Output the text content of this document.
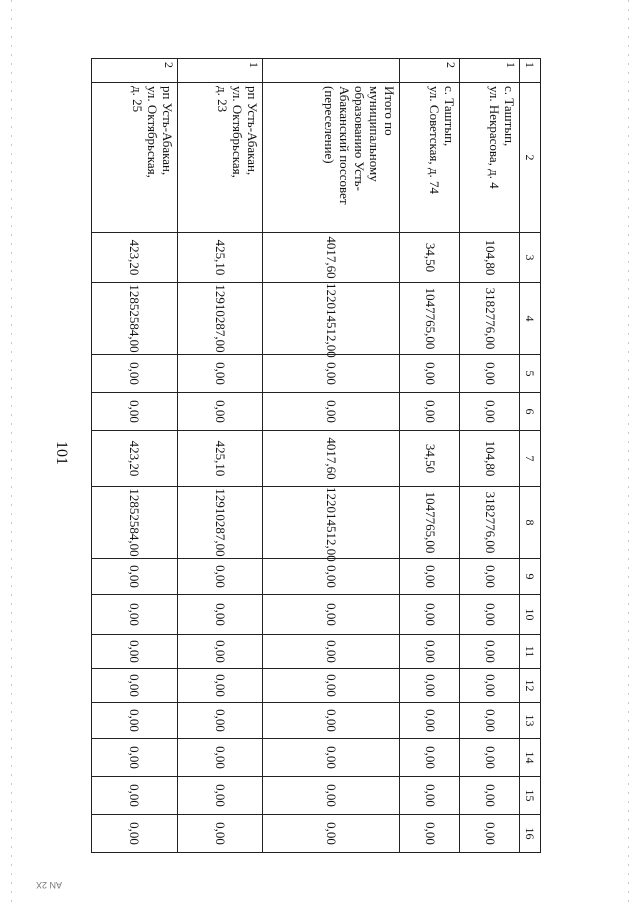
101
1	2	3	4	5	6	7	8	9	10	11	12	13	14	15	16
1	с. Таштып,
ул. Некрасова, д. 4	104,80	3182776,00	0,00	0,00	104,80	3182776,00	0,00	0,00	0,00	0,00	0,00	0,00	0,00	0,00
2	с. Таштып,
ул. Советская, д. 74	34,50	1047765,00	0,00	0,00	34,50	1047765,00	0,00	0,00	0,00	0,00	0,00	0,00	0,00	0,00
	Итого по муниципальному образованию Усть-Абаканский поссовет (переселение)	4017,60	122014512,00	0,00	0,00	4017,60	122014512,00	0,00	0,00	0,00	0,00	0,00	0,00	0,00	0,00
1	рп Усть-Абакан,
ул. Октябрьская,
д. 23	425,10	12910287,00	0,00	0,00	425,10	12910287,00	0,00	0,00	0,00	0,00	0,00	0,00	0,00	0,00
2	рп Усть-Абакан,
ул. Октябрьская,
д. 25	423,20	12852584,00	0,00	0,00	423,20	12852584,00	0,00	0,00	0,00	0,00	0,00	0,00	0,00	0,00
AN 2X
